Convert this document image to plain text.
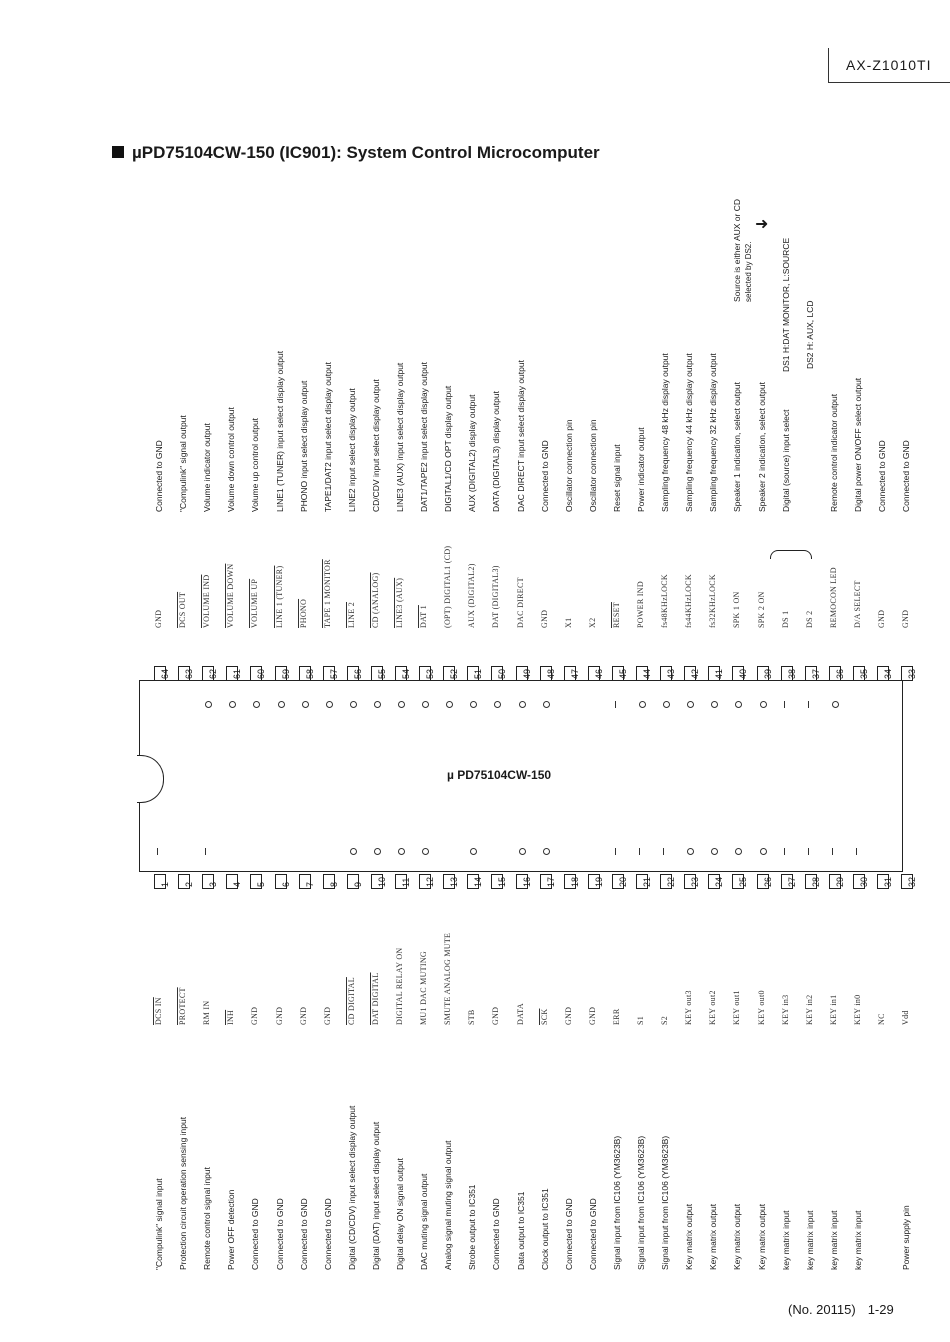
AX-Z1010TI
µPD75104CW-150 (IC901): System Control Microcomputer
Connected to GND
GND
64
"Compulink" signal output
DCS OUT
63
Volume indicator output
VOLUME IND
62
Volume down control output
VOLUME DOWN
61
Volume up control output
VOLUME UP
60
LINE1 (TUNER) input select display output
LINE 1 (TUNER)
59
PHONO input select display output
PHONO
58
TAPE1/DAT2 input select display output
TAPE 1 MONITOR
57
LINE2 input select display output
LINE 2
56
CD/CDV input select display output
CD (ANALOG)
55
LINE3 (AUX) input select display output
LINE3 (AUX)
54
DAT1/TAPE2 input select display output
DAT 1
53
DIGITAL1/CD OPT display output
(OPT) DIGITAL1 (CD)
52
AUX (DIGITAL2) display output
AUX (DIGITAL2)
51
DATA (DIGITAL3) display output
DAT (DIGITAL3)
50
DAC DIRECT input select display output
DAC DIRECT
49
Connected to GND
GND
48
Oscillator connection pin
X1
47
Oscillator connection pin
X2
46
Reset signal input
RESET
45
Power indicator output
POWER IND
44
Sampling frequency 48 kHz display output
fs48KHzLOCK
43
Sampling frequency 44 kHz display output
fs44KHzLOCK
42
Sampling frequency 32 kHz display output
fs32KHzLOCK
41
Speaker 1 indication, select output
SPK 1 ON
40
Speaker 2 indication, select output
SPK 2 ON
39
Digital (source) input select
DS 1
38
DS 2
37
Remote control indicator output
REMOCON LED
36
Digital power ON/OFF select output
D/A SELECT
35
Connected to GND
GND
34
Connected to GND
GND
33
1
DCS IN
"Compulink" signal input
2
PROTECT
Protection circuit operation sensing input
3
RM IN
Remote control signal input
4
$\overline{INH}$
Power OFF detection
5
GND
Connected to GND
6
GND
Connected to GND
7
GND
Connected to GND
8
GND
Connected to GND
9
CD DIGITAL
Digital (CD/CDV) input select display output
10
DAT DIGITAL
Digital (DAT) input select display output
11
DIGITAL RELAY ON
Digital delay ON signal output
12
MU1 DAC MUTING
DAC muting signal output
13
SMUTE ANALOG MUTE
Analog signal muting signal output
14
STB
Strobe output to IC351
15
GND
Connected to GND
16
DATA
Data output to IC351
17
$\overline{SCK}$
Clock output to IC351
18
GND
Connected to GND
19
GND
Connected to GND
20
ERR
Signal input from IC106 (YM3623B)
21
S1
Signal input from IC106 (YM3623B)
22
S2
Signal input from IC106 (YM3623B)
23
KEY out3
Key matrix output
24
KEY out2
Key matrix output
25
KEY out1
Key matrix output
26
KEY out0
Key matrix output
27
KEY in3
key matrix input
28
KEY in2
key matrix input
29
KEY in1
key matrix input
30
KEY in0
key matrix input
31
NC
32
Vdd
Power supply pin
µ PD75104CW-150
➜
DS1 H:DAT MONITOR, L:SOURCE DS2 H: AUX, LCD
Source is either AUX or CD selected by DS2.
(No. 20115) 1-29
